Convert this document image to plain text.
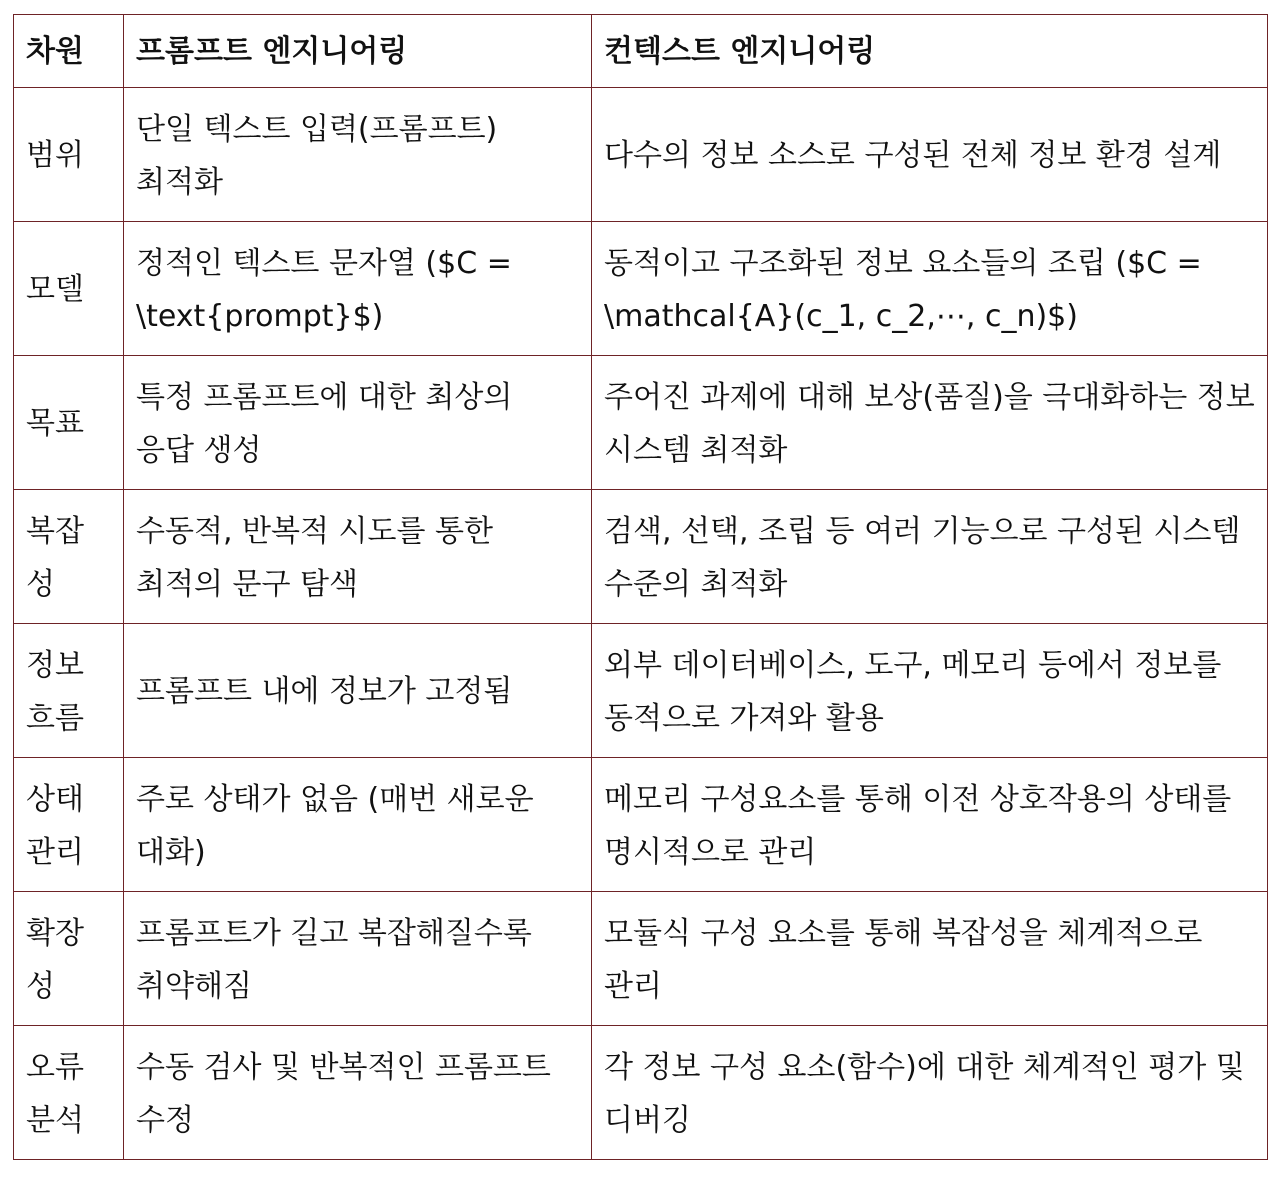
차원	프롬프트 엔지니어링	컨텍스트 엔지니어링
범위	단일 텍스트 입력(프롬프트) 최적화	다수의 정보 소스로 구성된 전체 정보 환경 설계
모델	정적인 텍스트 문자열 ($C = \text{prompt}$)	동적이고 구조화된 정보 요소들의 조립 ($C = \mathcal{A}(c_1, c_2,⋯, c_n)$)
목표	특정 프롬프트에 대한 최상의 응답 생성	주어진 과제에 대해 보상(품질)을 극대화하는 정보 시스템 최적화
복잡성	수동적, 반복적 시도를 통한 최적의 문구 탐색	검색, 선택, 조립 등 여러 기능으로 구성된 시스템 수준의 최적화
정보 흐름	프롬프트 내에 정보가 고정됨	외부 데이터베이스, 도구, 메모리 등에서 정보를 동적으로 가져와 활용
상태 관리	주로 상태가 없음 (매번 새로운 대화)	메모리 구성요소를 통해 이전 상호작용의 상태를 명시적으로 관리
확장성	프롬프트가 길고 복잡해질수록 취약해짐	모듈식 구성 요소를 통해 복잡성을 체계적으로 관리
오류 분석	수동 검사 및 반복적인 프롬프트 수정	각 정보 구성 요소(함수)에 대한 체계적인 평가 및 디버깅
